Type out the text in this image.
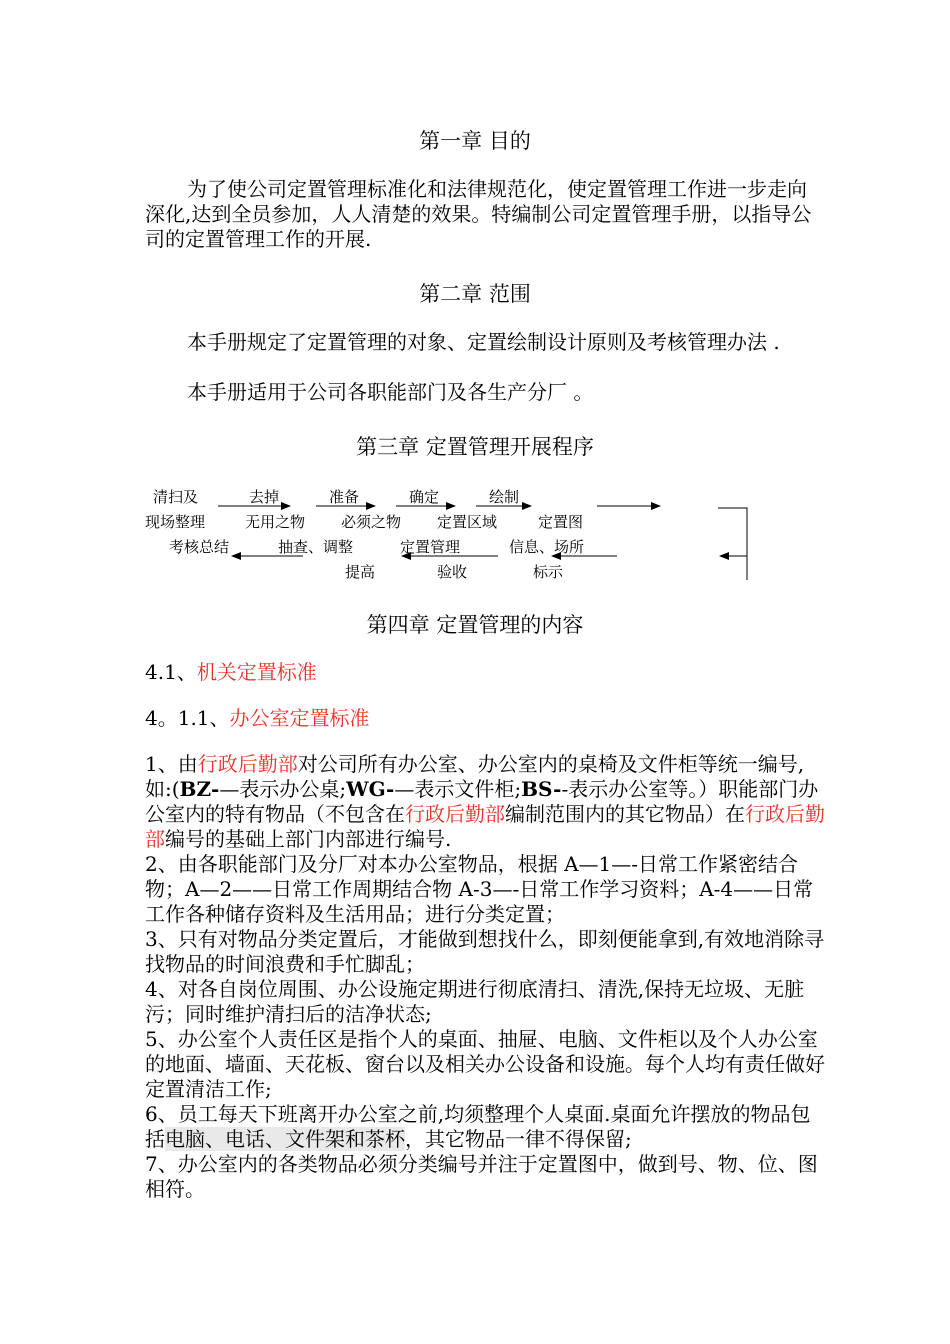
第一章 目的
为了使公司定置管理标准化和法律规范化，使定置管理工作进一步走向深化,达到全员参加，人人清楚的效果。特编制公司定置管理手册，以指导公司的定置管理工作的开展.
第二章 范围
本手册规定了定置管理的对象、定置绘制设计原则及考核管理办法 .
本手册适用于公司各职能部门及各生产分厂 。
第三章 定置管理开展程序
清扫及	去掉	准备	确定	绘制
现场整理	无用之物 必须之物 定置区域	定置图
考核总结	抽查、调整	定置管理	信息、场所
提高	验收	标示
第四章 定置管理的内容
4.1、机关定置标准
4。1.1、办公室定置标准
1、由行政后勤部对公司所有办公室、办公室内的桌椅及文件柜等统一编号,如:(BZ-—表示办公桌;WG-—表示文件柜;BS--表示办公室等。）职能部门办公室内的特有物品（不包含在行政后勤部编制范围内的其它物品）在行政后勤部编号的基础上部门内部进行编号.
2、由各职能部门及分厂对本办公室物品，根据 A—1—-日常工作紧密结合物；A—2——日常工作周期结合物 A-3—-日常工作学习资料；A-4——日常工作各种储存资料及生活用品；进行分类定置；
3、只有对物品分类定置后，才能做到想找什么，即刻便能拿到,有效地消除寻找物品的时间浪费和手忙脚乱；
4、对各自岗位周围、办公设施定期进行彻底清扫、清洗,保持无垃圾、无脏污；同时维护清扫后的洁净状态;
5、办公室个人责任区是指个人的桌面、抽屉、电脑、文件柜以及个人办公室的地面、墙面、天花板、窗台以及相关办公设备和设施。每个人均有责任做好定置清洁工作;
6、员工每天下班离开办公室之前,均须整理个人桌面.桌面允许摆放的物品包括电脑、电话、文件架和茶杯，其它物品一律不得保留;
7、办公室内的各类物品必须分类编号并注于定置图中，做到号、物、位、图相符。
